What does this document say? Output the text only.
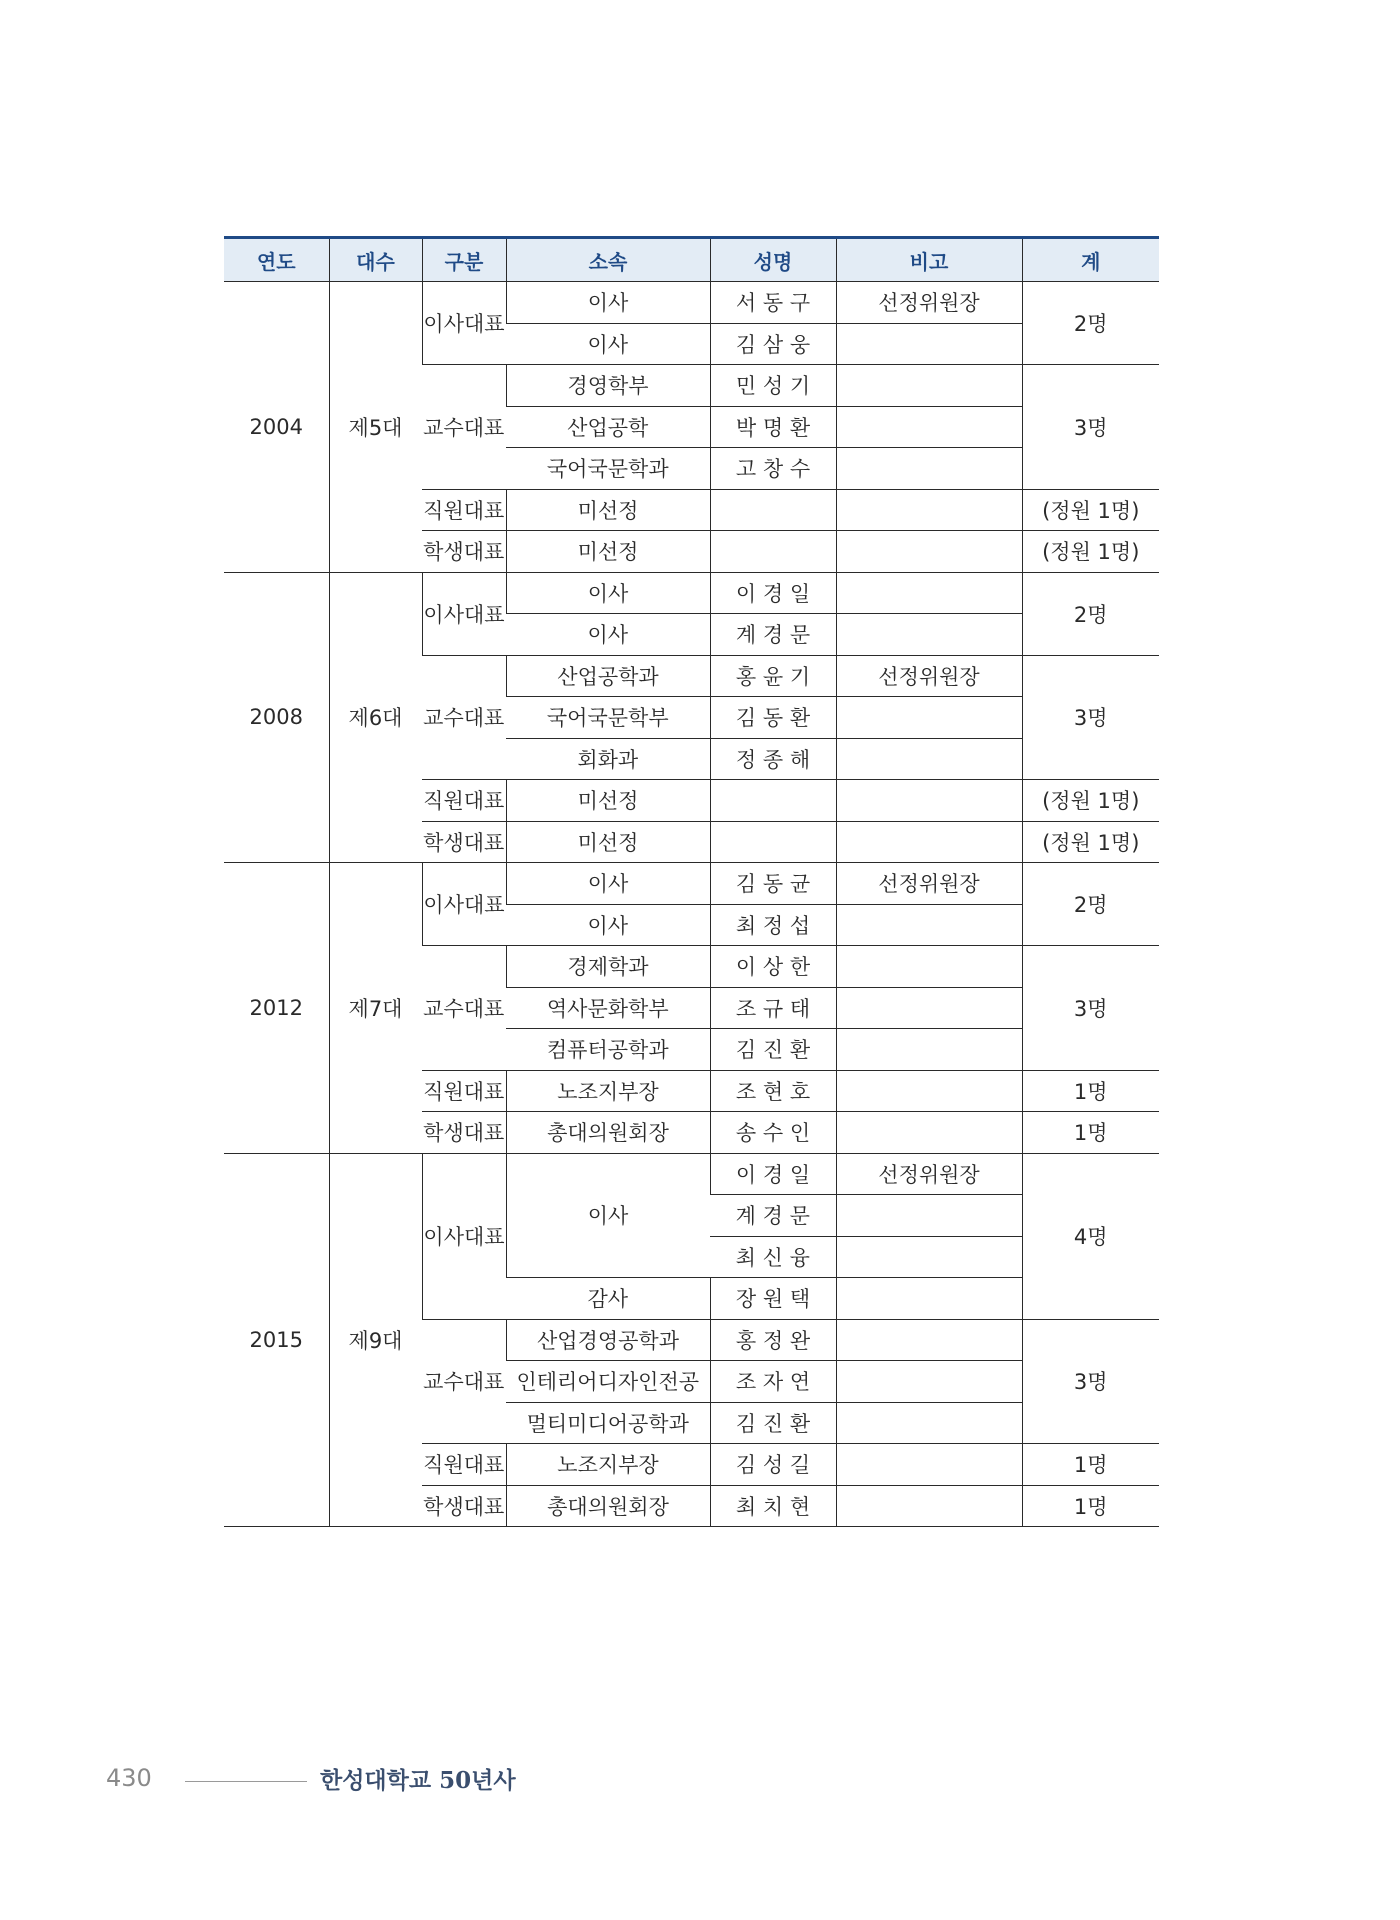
연도	대수	구분	소속	성명	비고	계
2004	제5대	이사대표	이사	서 동 구	선정위원장	2명
			이사	김 삼 웅		
		교수대표	경영학부	민 성 기		3명
			산업공학	박 명 환		
			국어국문학과	고 창 수		
		직원대표	미선정			(정원 1명)
		학생대표	미선정			(정원 1명)
2008	제6대	이사대표	이사	이 경 일		2명
			이사	계 경 문		
		교수대표	산업공학과	홍 윤 기	선정위원장	3명
			국어국문학부	김 동 환		
			회화과	정 종 해		
		직원대표	미선정			(정원 1명)
		학생대표	미선정			(정원 1명)
2012	제7대	이사대표	이사	김 동 균	선정위원장	2명
			이사	최 정 섭		
		교수대표	경제학과	이 상 한		3명
			역사문화학부	조 규 태		
			컴퓨터공학과	김 진 환		
		직원대표	노조지부장	조 현 호		1명
		학생대표	총대의원회장	송 수 인		1명
2015	제9대	이사대표	이사	이 경 일	선정위원장	4명
				계 경 문		
				최 신 융		
			감사	장 원 택		
		교수대표	산업경영공학과	홍 정 완		3명
			인테리어디자인전공	조 자 연		
			멀티미디어공학과	김 진 환		
		직원대표	노조지부장	김 성 길		1명
		학생대표	총대의원회장	최 치 현		1명
430	한성대학교 50년사
